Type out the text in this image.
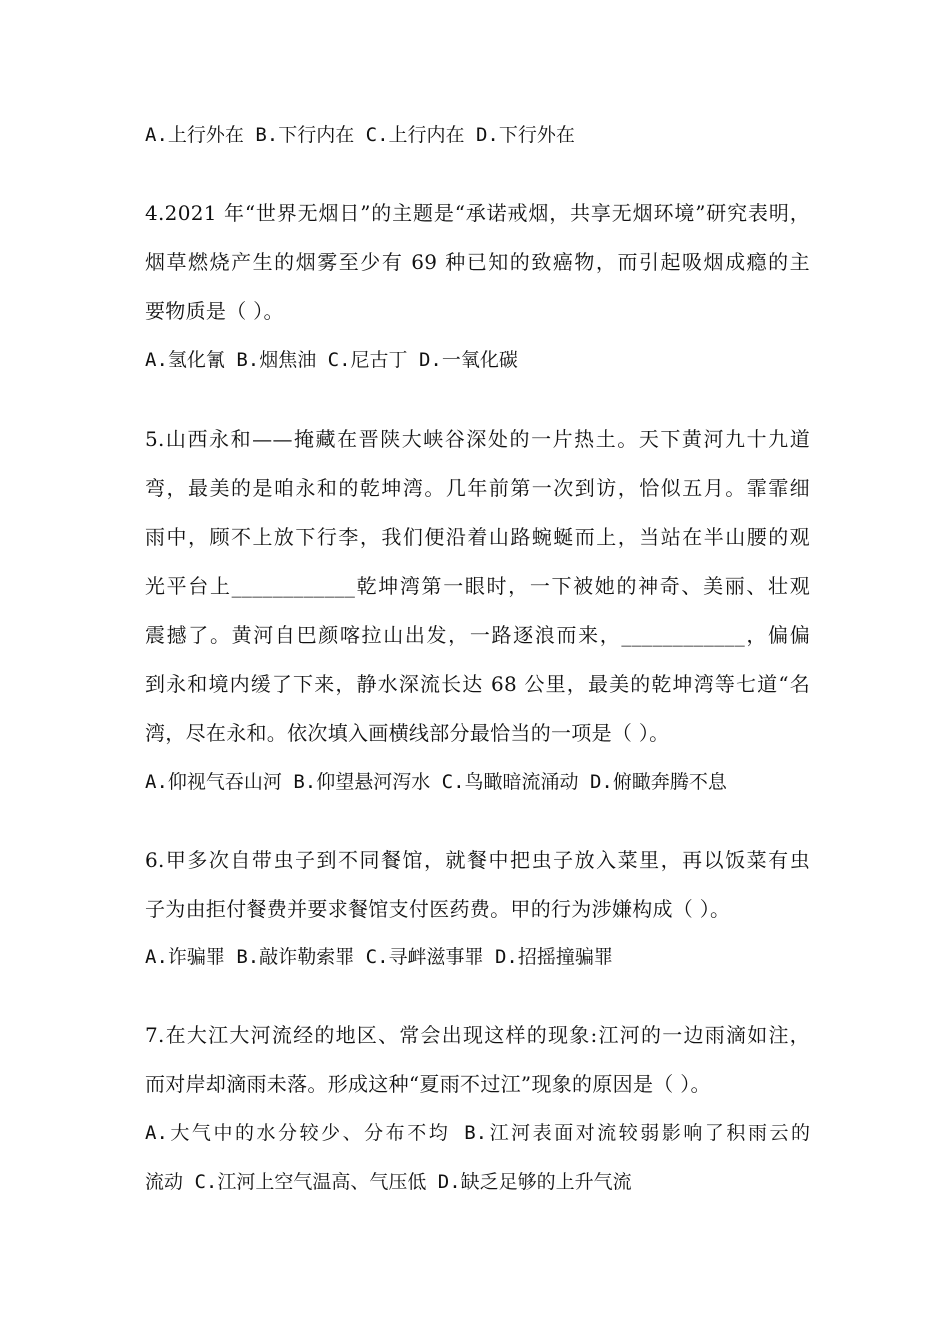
A.上行外在 B.下行内在 C.上行内在 D.下行外在
4.2021 年“世界无烟日”的主题是“承诺戒烟，共享无烟环境”研究表明，
烟草燃烧产生的烟雾至少有 69 种已知的致癌物，而引起吸烟成瘾的主
要物质是（ ）。
A.氢化氰 B.烟焦油 C.尼古丁 D.一氧化碳
5.山西永和——掩藏在晋陕大峡谷深处的一片热土。天下黄河九十九道
弯，最美的是咱永和的乾坤湾。几年前第一次到访，恰似五月。霏霏细
雨中，顾不上放下行李，我们便沿着山路蜿蜒而上，当站在半山腰的观
光平台上____________乾坤湾第一眼时，一下被她的神奇、美丽、壮观
震撼了。黄河自巴颜喀拉山出发，一路逐浪而来，____________，偏偏
到永和境内缓了下来，静水深流长达 68 公里，最美的乾坤湾等七道“名
湾，尽在永和。依次填入画横线部分最恰当的一项是（ ）。
A.仰视气吞山河 B.仰望悬河泻水 C.鸟瞰暗流涌动 D.俯瞰奔腾不息
6.甲多次自带虫子到不同餐馆，就餐中把虫子放入菜里，再以饭菜有虫
子为由拒付餐费并要求餐馆支付医药费。甲的行为涉嫌构成（ ）。
A.诈骗罪 B.敲诈勒索罪 C.寻衅滋事罪 D.招摇撞骗罪
7.在大江大河流经的地区、常会出现这样的现象:江河的一边雨滴如注，
而对岸却滴雨未落。形成这种“夏雨不过江”现象的原因是（ ）。
A.大气中的水分较少、分布不均 B.江河表面对流较弱影响了积雨云的
流动 C.江河上空气温高、气压低 D.缺乏足够的上升气流
